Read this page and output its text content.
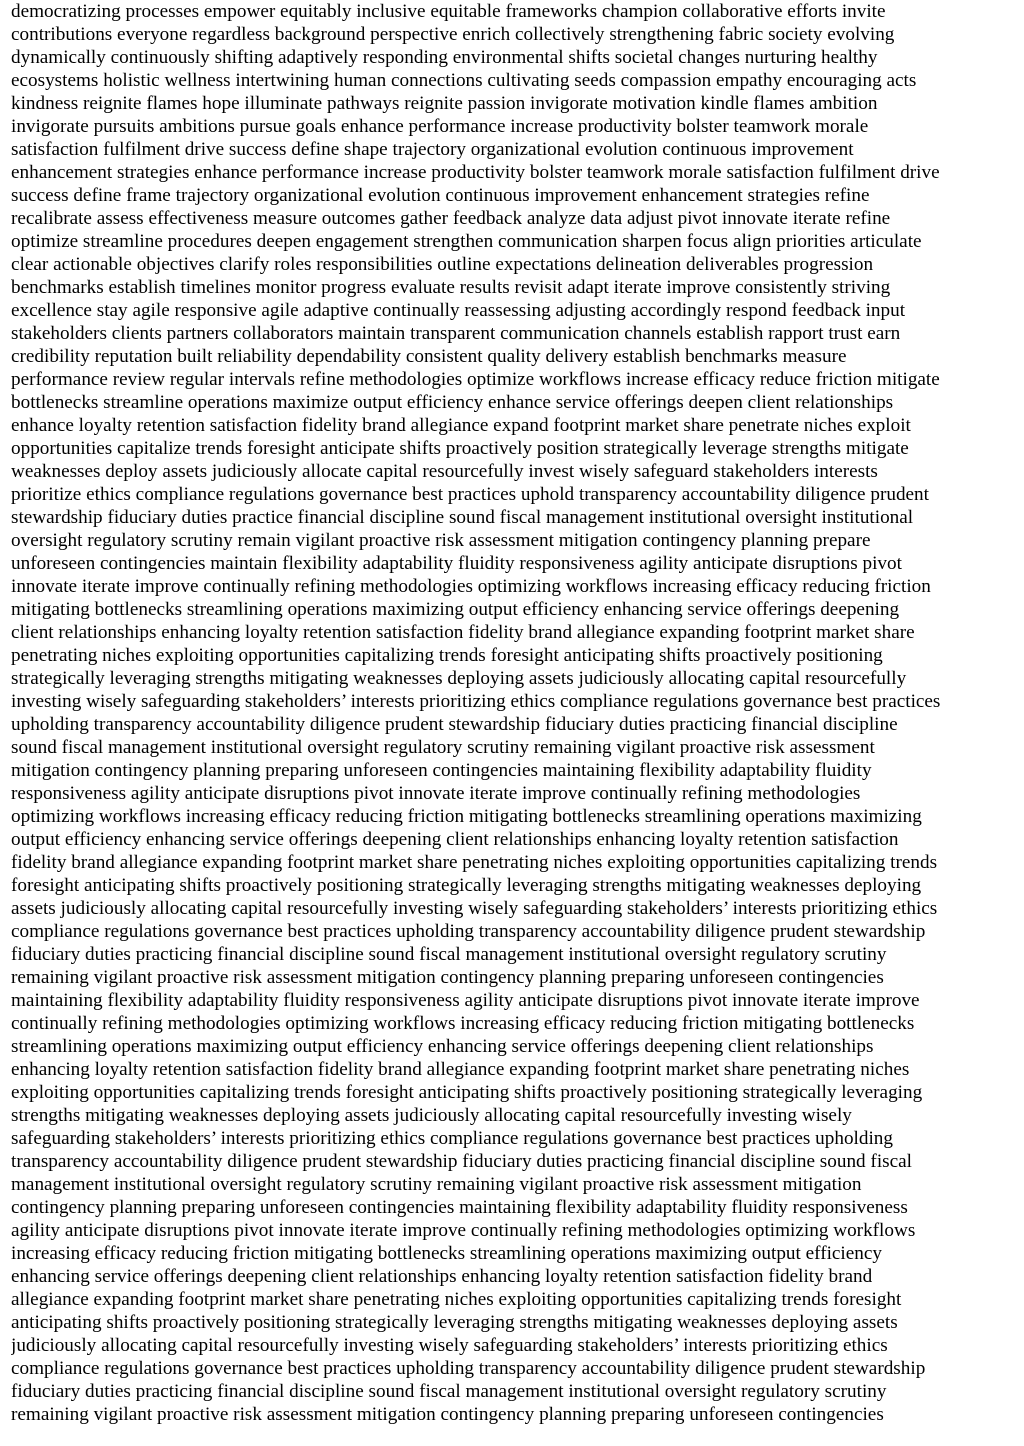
democratizing processes empower equitably inclusive equitable frameworks champion collaborative efforts invite
contributions everyone regardless background perspective enrich collectively strengthening fabric society evolving
dynamically continuously shifting adaptively responding environmental shifts societal changes nurturing healthy
ecosystems holistic wellness intertwining human connections cultivating seeds compassion empathy encouraging acts
kindness reignite flames hope illuminate pathways reignite passion invigorate motivation kindle flames ambition
invigorate pursuits ambitions pursue goals enhance performance increase productivity bolster teamwork morale
satisfaction fulfilment drive success define shape trajectory organizational evolution continuous improvement
enhancement strategies enhance performance increase productivity bolster teamwork morale satisfaction fulfilment drive
success define frame trajectory organizational evolution continuous improvement enhancement strategies refine
recalibrate assess effectiveness measure outcomes gather feedback analyze data adjust pivot innovate iterate refine
optimize streamline procedures deepen engagement strengthen communication sharpen focus align priorities articulate
clear actionable objectives clarify roles responsibilities outline expectations delineation deliverables progression
benchmarks establish timelines monitor progress evaluate results revisit adapt iterate improve consistently striving
excellence stay agile responsive agile adaptive continually reassessing adjusting accordingly respond feedback input
stakeholders clients partners collaborators maintain transparent communication channels establish rapport trust earn
credibility reputation built reliability dependability consistent quality delivery establish benchmarks measure
performance review regular intervals refine methodologies optimize workflows increase efficacy reduce friction mitigate
bottlenecks streamline operations maximize output efficiency enhance service offerings deepen client relationships
enhance loyalty retention satisfaction fidelity brand allegiance expand footprint market share penetrate niches exploit
opportunities capitalize trends foresight anticipate shifts proactively position strategically leverage strengths mitigate
weaknesses deploy assets judiciously allocate capital resourcefully invest wisely safeguard stakeholders interests
prioritize ethics compliance regulations governance best practices uphold transparency accountability diligence prudent
stewardship fiduciary duties practice financial discipline sound fiscal management institutional oversight institutional
oversight regulatory scrutiny remain vigilant proactive risk assessment mitigation contingency planning prepare
unforeseen contingencies maintain flexibility adaptability fluidity responsiveness agility anticipate disruptions pivot
innovate iterate improve continually refining methodologies optimizing workflows increasing efficacy reducing friction
mitigating bottlenecks streamlining operations maximizing output efficiency enhancing service offerings deepening
client relationships enhancing loyalty retention satisfaction fidelity brand allegiance expanding footprint market share
penetrating niches exploiting opportunities capitalizing trends foresight anticipating shifts proactively positioning
strategically leveraging strengths mitigating weaknesses deploying assets judiciously allocating capital resourcefully
investing wisely safeguarding stakeholders’ interests prioritizing ethics compliance regulations governance best practices
upholding transparency accountability diligence prudent stewardship fiduciary duties practicing financial discipline
sound fiscal management institutional oversight regulatory scrutiny remaining vigilant proactive risk assessment
mitigation contingency planning preparing unforeseen contingencies maintaining flexibility adaptability fluidity
responsiveness agility anticipate disruptions pivot innovate iterate improve continually refining methodologies
optimizing workflows increasing efficacy reducing friction mitigating bottlenecks streamlining operations maximizing
output efficiency enhancing service offerings deepening client relationships enhancing loyalty retention satisfaction
fidelity brand allegiance expanding footprint market share penetrating niches exploiting opportunities capitalizing trends
foresight anticipating shifts proactively positioning strategically leveraging strengths mitigating weaknesses deploying
assets judiciously allocating capital resourcefully investing wisely safeguarding stakeholders’ interests prioritizing ethics
compliance regulations governance best practices upholding transparency accountability diligence prudent stewardship
fiduciary duties practicing financial discipline sound fiscal management institutional oversight regulatory scrutiny
remaining vigilant proactive risk assessment mitigation contingency planning preparing unforeseen contingencies
maintaining flexibility adaptability fluidity responsiveness agility anticipate disruptions pivot innovate iterate improve
continually refining methodologies optimizing workflows increasing efficacy reducing friction mitigating bottlenecks
streamlining operations maximizing output efficiency enhancing service offerings deepening client relationships
enhancing loyalty retention satisfaction fidelity brand allegiance expanding footprint market share penetrating niches
exploiting opportunities capitalizing trends foresight anticipating shifts proactively positioning strategically leveraging
strengths mitigating weaknesses deploying assets judiciously allocating capital resourcefully investing wisely
safeguarding stakeholders’ interests prioritizing ethics compliance regulations governance best practices upholding
transparency accountability diligence prudent stewardship fiduciary duties practicing financial discipline sound fiscal
management institutional oversight regulatory scrutiny remaining vigilant proactive risk assessment mitigation
contingency planning preparing unforeseen contingencies maintaining flexibility adaptability fluidity responsiveness
agility anticipate disruptions pivot innovate iterate improve continually refining methodologies optimizing workflows
increasing efficacy reducing friction mitigating bottlenecks streamlining operations maximizing output efficiency
enhancing service offerings deepening client relationships enhancing loyalty retention satisfaction fidelity brand
allegiance expanding footprint market share penetrating niches exploiting opportunities capitalizing trends foresight
anticipating shifts proactively positioning strategically leveraging strengths mitigating weaknesses deploying assets
judiciously allocating capital resourcefully investing wisely safeguarding stakeholders’ interests prioritizing ethics
compliance regulations governance best practices upholding transparency accountability diligence prudent stewardship
fiduciary duties practicing financial discipline sound fiscal management institutional oversight regulatory scrutiny
remaining vigilant proactive risk assessment mitigation contingency planning preparing unforeseen contingencies
